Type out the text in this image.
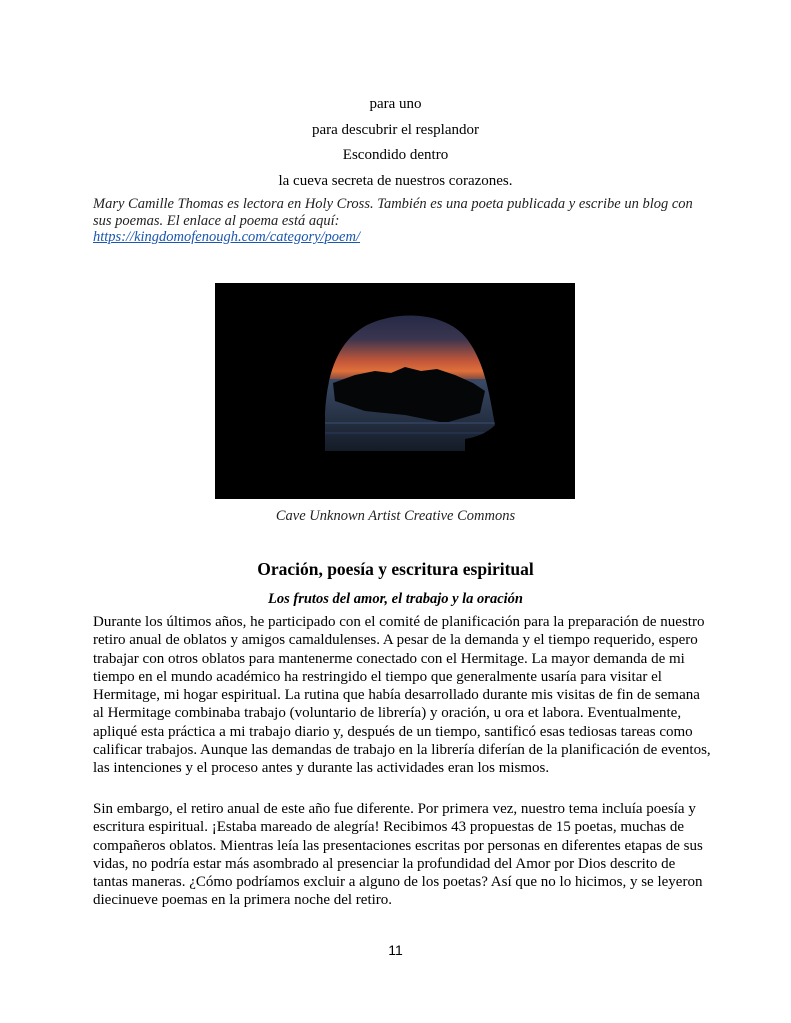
para uno
para descubrir el resplandor
Escondido dentro
la cueva secreta de nuestros corazones.
Mary Camille Thomas es lectora en Holy Cross. También es una poeta publicada y escribe un blog con sus poemas. El enlace al poema está aquí:
https://kingdomofenough.com/category/poem/
Cave Unknown Artist Creative Commons
Oración, poesía y escritura espiritual
Los frutos del amor, el trabajo y la oración
Durante los últimos años, he participado con el comité de planificación para la preparación de nuestro retiro anual de oblatos y amigos camaldulenses. A pesar de la demanda y el tiempo requerido, espero trabajar con otros oblatos para mantenerme conectado con el Hermitage. La mayor demanda de mi tiempo en el mundo académico ha restringido el tiempo que generalmente usaría para visitar el Hermitage, mi hogar espiritual. La rutina que había desarrollado durante mis visitas de fin de semana al Hermitage combinaba trabajo (voluntario de librería) y oración, u ora et labora. Eventualmente, apliqué esta práctica a mi trabajo diario y, después de un tiempo, santificó esas tediosas tareas como calificar trabajos. Aunque las demandas de trabajo en la librería diferían de la planificación de eventos, las intenciones y el proceso antes y durante las actividades eran los mismos.
Sin embargo, el retiro anual de este año fue diferente. Por primera vez, nuestro tema incluía poesía y escritura espiritual. ¡Estaba mareado de alegría! Recibimos 43 propuestas de 15 poetas, muchas de compañeros oblatos. Mientras leía las presentaciones escritas por personas en diferentes etapas de sus vidas, no podría estar más asombrado al presenciar la profundidad del Amor por Dios descrito de tantas maneras. ¿Cómo podríamos excluir a alguno de los poetas? Así que no lo hicimos, y se leyeron diecinueve poemas en la primera noche del retiro.
11
